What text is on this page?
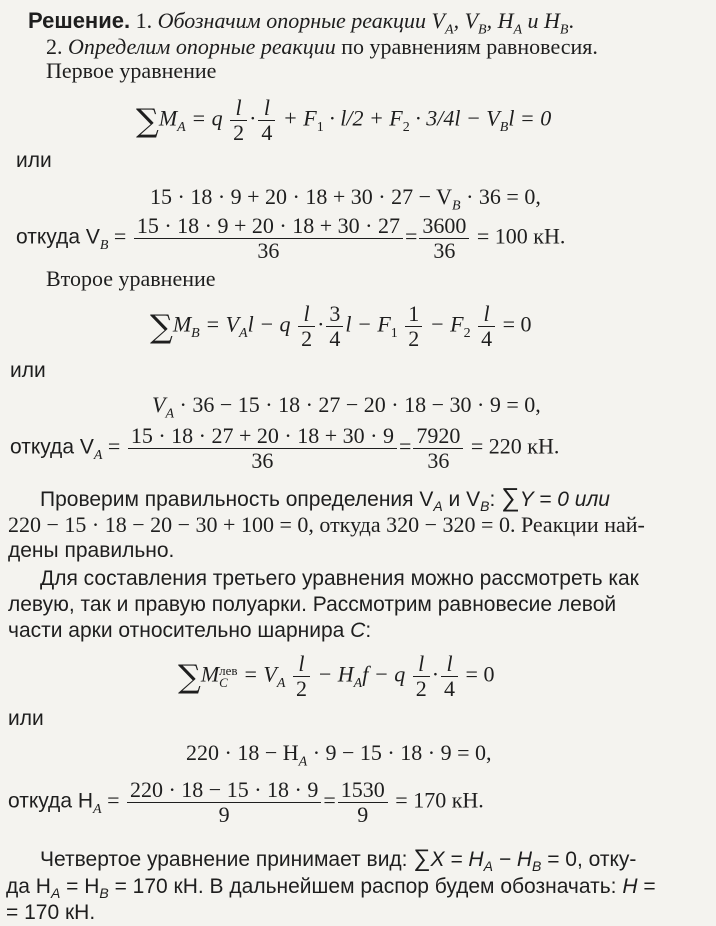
Решение. 1. Обозначим опорные реакции $V_A$, $V_B$, $H_A$ и $H_B$.
2. Определим опорные реакции по уравнениям равновесия.
Первое уравнение
$\sum M_A = q \frac{l}{2} \cdot \frac{l}{4} + F_1 \cdot l/2 + F_2 \cdot 3/4l - V_Bl = 0$
или
$15 \cdot 18 \cdot 9 + 20 \cdot 18 + 30 \cdot 27 - V_B \cdot 36 = 0$,
откуда $V_B = \frac{15 \cdot 18 \cdot 9 + 20 \cdot 18 + 30 \cdot 27}{36} = \frac{3600}{36} = 100$ кН.
Второе уравнение
$\sum M_B = V_Al - q \frac{l}{2} \cdot \frac{3}{4}$ $l - F_1 \frac{1}{2} - F_2 \frac{l}{4} = 0$
или
$V_A \cdot 36 - 15 \cdot 18 \cdot 27 - 20 \cdot 18 - 30 \cdot 9 = 0$,
откуда $V_A = \frac{15 \cdot 18 \cdot 27 + 20 \cdot 18 + 30 \cdot 9}{36} = \frac{7920}{36} = 220$ кН.
Проверим правильность определения $V_A$ и $V_B$: ∑Y = 0 или
220 − 15 · 18 − 20 − 30 + 100 = 0, откуда 320 − 320 = 0. Реакции най-
дены правильно.
Для составления третьего уравнения можно рассмотреть как
левую, так и правую полуарки. Рассмотрим равновесие левой
части арки относительно шарнира C:
∑M лев
$C = V_A \frac{l}{2} - H_Af - q \frac{l}{2} \cdot \frac{l}{4} = 0$
или
$220 \cdot 18 - H_A \cdot 9 - 15 \cdot 18 \cdot 9 = 0$,
откуда $H_A = \frac{220 \cdot 18 - 15 \cdot 18 \cdot 9}{9} = \frac{1530}{9} = 170$ кН.
Четвертое уравнение принимает вид: $\sum X = H_A - H_B = 0$, отку-
да $H_A = H_B = 170$ кН. В дальнейшем распор будем обозначать: H =
= 170 кН.
